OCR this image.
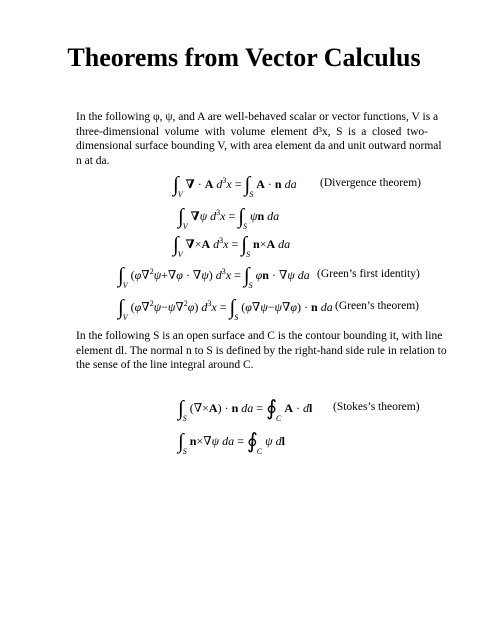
Theorems from Vector Calculus

In the following φ, ψ, and A are well-behaved scalar or vector functions, V is a
three-dimensional volume with volume element d³x, S is a closed two-
dimensional surface bounding V, with area element da and unit outward normal
n at da.

$\int_V$ ∇ · A $d^3x = \int_S$ A · n da (Divergence theorem)
$\int_V$ ∇ψ $d^3x = \int_S$ ψn da
$\int_V$ ∇×A $d^3x = \int_S$ n×A da
$\int_V$ (φ∇$^2$ψ+∇φ · ∇ψ) $d^3x = \int_S$ φn · ∇ψ da (Green’s first identity)
$\int_V$ (φ∇$^2$ψ−ψ∇$^2$φ) $d^3x = \int_S$ (φ∇ψ−ψ∇φ) · n da (Green’s theorem)

In the following S is an open surface and C is the contour bounding it, with line
element dl. The normal n to S is defined by the right-hand side rule in relation to
the sense of the line integral around C.

$\int_S$ (∇×A) · n da = $∮_C$ A · dl (Stokes’s theorem)
$\int_S$ n×∇ψ da = $∮_C$ ψ dl
